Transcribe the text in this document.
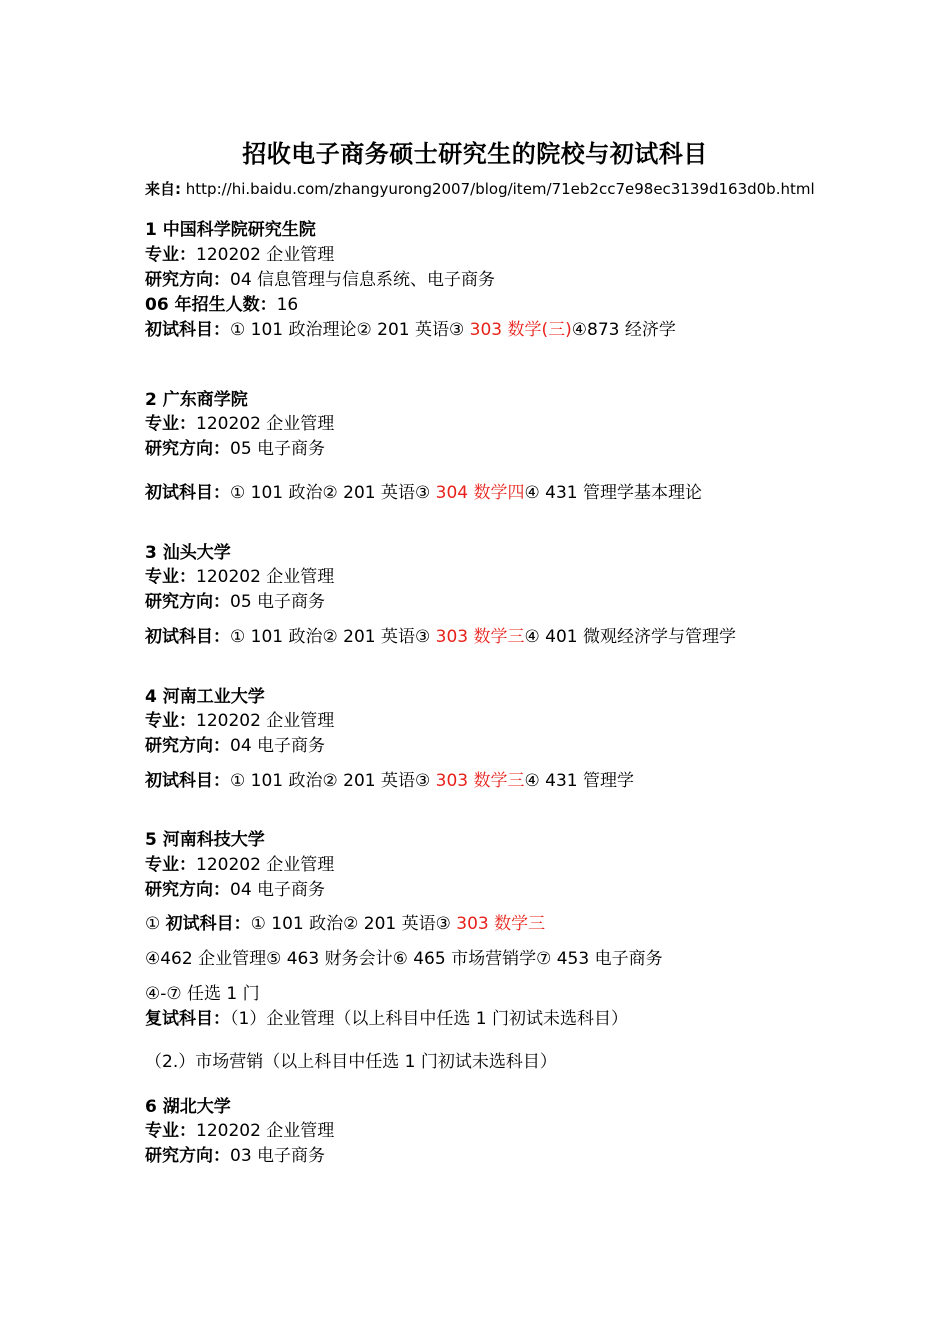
招收电子商务硕士研究生的院校与初试科目
来自: http://hi.baidu.com/zhangyurong2007/blog/item/71eb2cc7e98ec3139d163d0b.html
1 中国科学院研究生院
专业：120202 企业管理
研究方向：04 信息管理与信息系统、电子商务
06 年招生人数：16
初试科目：① 101 政治理论② 201 英语③ 303 数学(三)④873 经济学
2 广东商学院
专业：120202 企业管理
研究方向：05 电子商务
初试科目：① 101 政治② 201 英语③ 304 数学四④ 431 管理学基本理论
3 汕头大学
专业：120202 企业管理
研究方向：05 电子商务
初试科目：① 101 政治② 201 英语③ 303 数学三④ 401 微观经济学与管理学
4 河南工业大学
专业：120202 企业管理
研究方向：04 电子商务
初试科目：① 101 政治② 201 英语③ 303 数学三④ 431 管理学
5 河南科技大学
专业：120202 企业管理
研究方向：04 电子商务
① 初试科目：① 101 政治② 201 英语③ 303 数学三
④462 企业管理⑤ 463 财务会计⑥ 465 市场营销学⑦ 453 电子商务
④-⑦ 任选 1 门
复试科目：（1）企业管理（以上科目中任选 1 门初试未选科目）
（2.）市场营销（以上科目中任选 1 门初试未选科目）
6 湖北大学
专业：120202 企业管理
研究方向：03 电子商务
